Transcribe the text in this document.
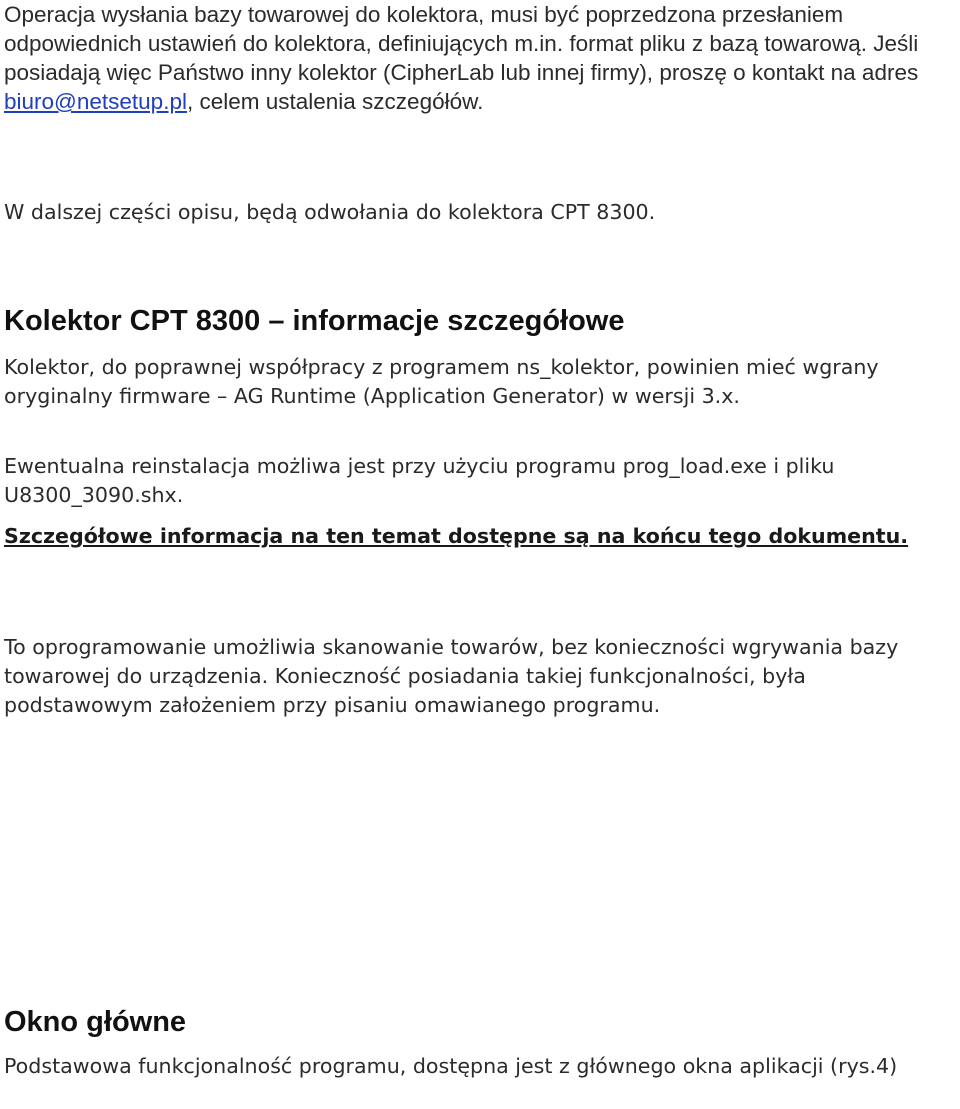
Operacja wysłania bazy towarowej do kolektora, musi być poprzedzona przesłaniem odpowiednich ustawień do kolektora, definiujących m.in. format pliku z bazą towarową. Jeśli posiadają więc Państwo inny kolektor (CipherLab lub innej firmy), proszę o kontakt na adres biuro@netsetup.pl, celem ustalenia szczegółów.

W dalszej części opisu, będą odwołania do kolektora CPT 8300.

Kolektor CPT 8300 – informacje szczegółowe

Kolektor, do poprawnej współpracy z programem ns_kolektor, powinien mieć wgrany oryginalny firmware – AG Runtime (Application Generator) w wersji 3.x.

Ewentualna reinstalacja możliwa jest przy użyciu programu prog_load.exe i pliku U8300_3090.shx.

Szczegółowe informacja na ten temat dostępne są na końcu tego dokumentu.

To oprogramowanie umożliwia skanowanie towarów, bez konieczności wgrywania bazy towarowej do urządzenia. Konieczność posiadania takiej funkcjonalności, była podstawowym założeniem przy pisaniu omawianego programu.

Okno główne

Podstawowa funkcjonalność programu, dostępna jest z głównego okna aplikacji (rys.4)
